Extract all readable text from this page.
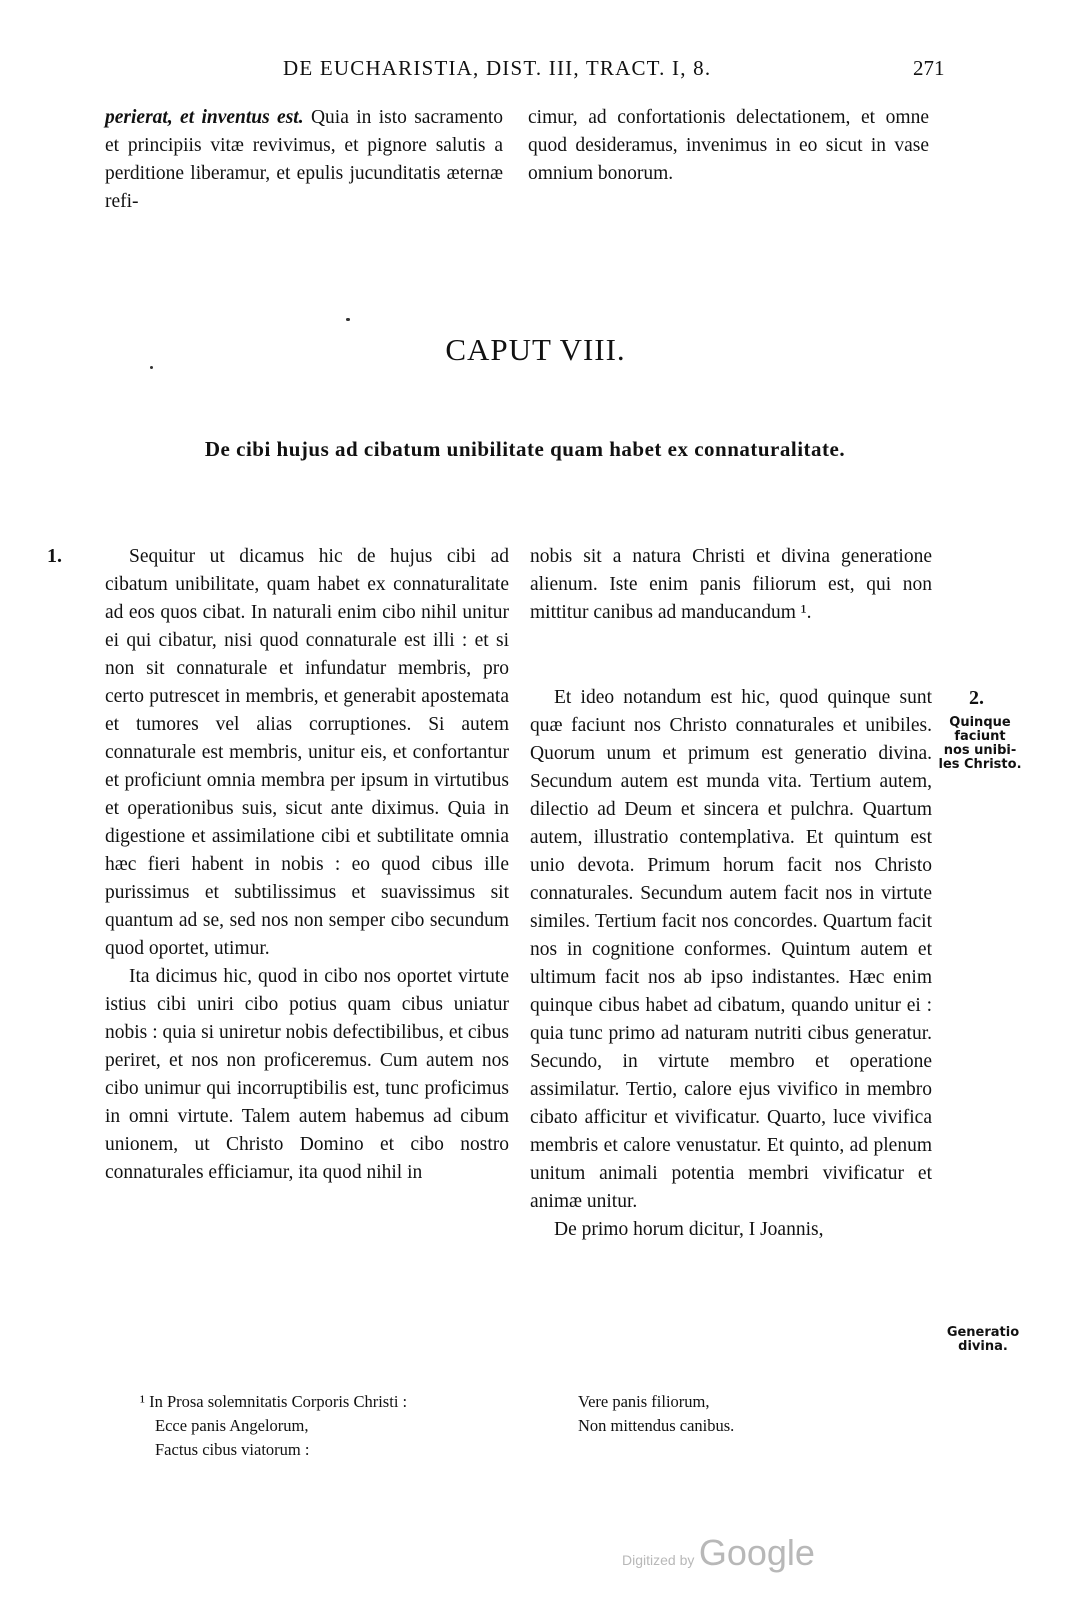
DE EUCHARISTIA, DIST. III, TRACT. I, 8.	271

perierat, et inventus est. Quia in isto sacramento et principiis vitæ revivimus, et pignore salutis a perditione liberamur, et epulis jucunditatis æternæ refi-

cimur, ad confortationis delectationem, et omne quod desideramus, invenimus in eo sicut in vase omnium bonorum.

CAPUT VIII.
De cibi hujus ad cibatum unibilitate quam habet ex connaturalitate.
1.	Sequitur ut dicamus hic de hujus cibi ad cibatum unibilitate, quam habet ex connaturalitate ad eos quos cibat. In naturali enim cibo nihil unitur ei qui cibatur, nisi quod connaturale est illi : et si non sit connaturale et infundatur membris, pro certo putrescet in membris, et generabit apostemata et tumores vel alias corruptiones. Si autem connaturale est membris, unitur eis, et confortantur et proficiunt omnia membra per ipsum in virtutibus et operationibus suis, sicut ante diximus. Quia in digestione et assimilatione cibi et subtilitate omnia hæc fieri habent in nobis : eo quod cibus ille purissimus et subtilissimus et suavissimus sit quantum ad se, sed nos non semper cibo secundum quod oportet, utimur.

Ita dicimus hic, quod in cibo nos oportet virtute istius cibi uniri cibo potius quam cibus uniatur nobis : quia si uniretur nobis defectibilibus, et cibus periret, et nos non proficeremus. Cum autem nos cibo unimur qui incorruptibilis est, tunc proficimus in omni virtute. Talem autem habemus ad cibum unionem, ut Christo Domino et cibo nostro connaturales efficiamur, ita quod nihil in

nobis sit a natura Christi et divina generatione alienum. Iste enim panis filiorum est, qui non mittitur canibus ad manducandum ¹.

2.
Quinque
faciunt
nos unibi-
les Christo.

Et ideo notandum est hic, quod quinque sunt quæ faciunt nos Christo connaturales et unibiles. Quorum unum et primum est generatio divina. Secundum autem est munda vita. Tertium autem, dilectio ad Deum et sincera et pulchra. Quartum autem, illustratio contemplativa. Et quintum est unio devota. Primum horum facit nos Christo connaturales. Secundum autem facit nos in virtute similes. Tertium facit nos concordes. Quartum facit nos in cognitione conformes. Quintum autem et ultimum facit nos ab ipso indistantes. Hæc enim quinque cibus habet ad cibatum, quando unitur ei : quia tunc primo ad naturam nutriti cibus generatur. Secundo, in virtute membro et operatione assimilatur. Tertio, calore ejus vivifico in membro cibato afficitur et vivificatur. Quarto, luce vivifica membris et calore venustatur. Et quinto, ad plenum unitum animali potentia membri vivificatur et animæ unitur.

De primo horum dicitur, I Joannis,

Generatio
divina.

¹ In Prosa solemnitatis Corporis Christi :

Ecce panis Angelorum,

Factus cibus viatorum :

Vere panis filiorum,

Non mittendus canibus.

Digitized by Google
